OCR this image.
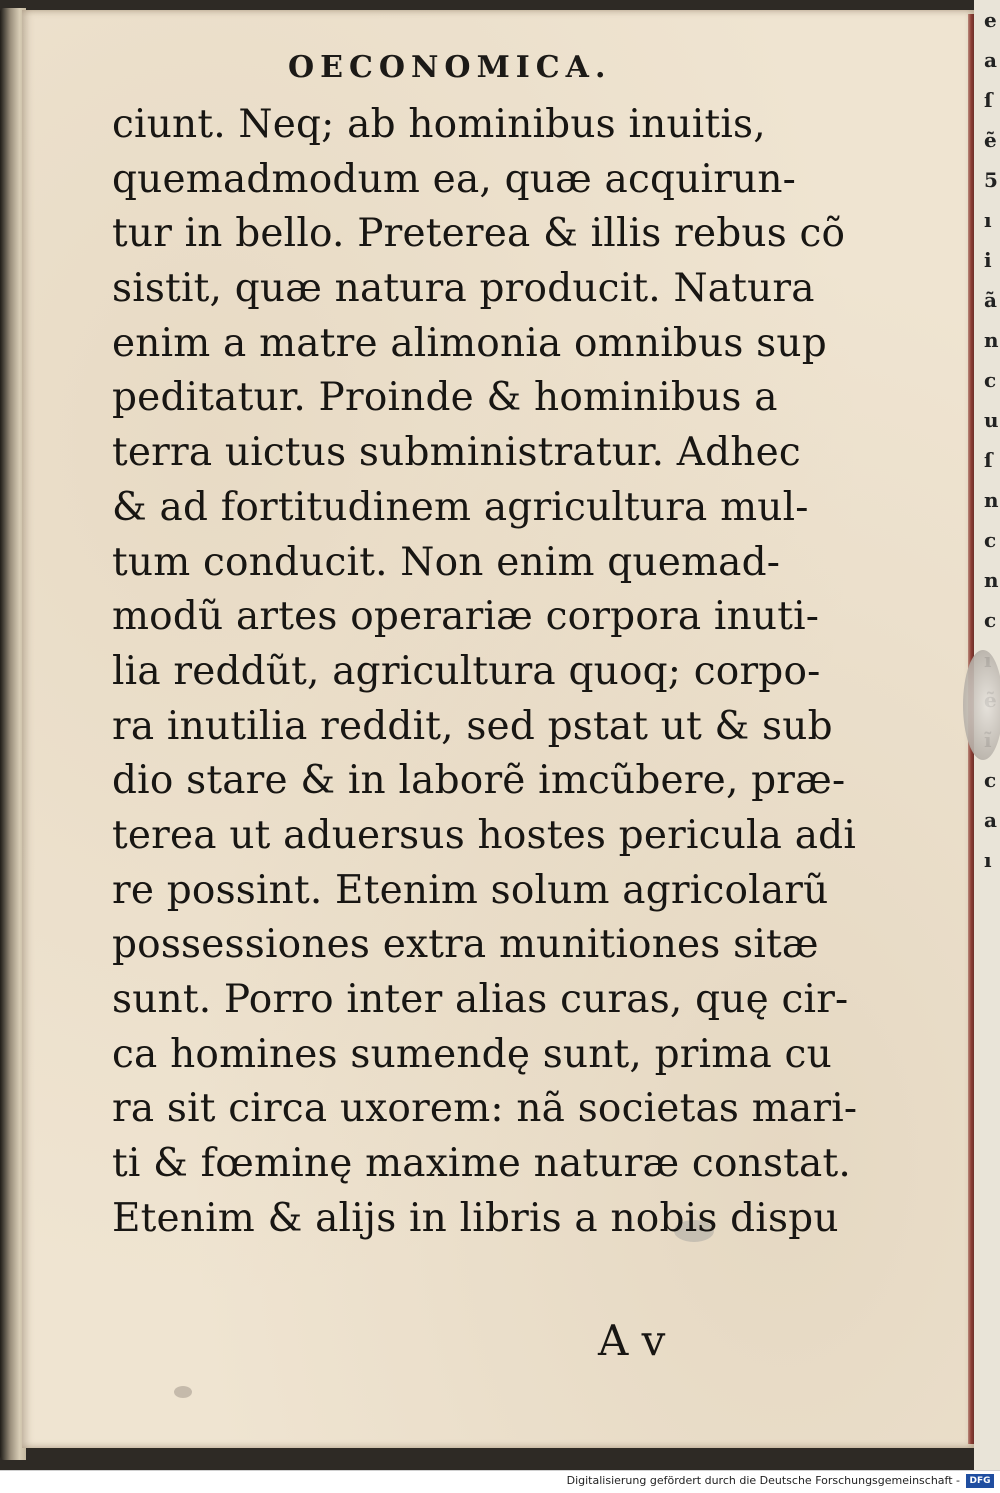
e
a
ſ
ẽ
5
ı
i
ã
n
c
u
ſ
n
c
n
c
c
a
ı
OECONOMICA.
ciunt. Neq; ab hominibus inuitis,
quemadmodum ea, quæ acquirun-
tur in bello. Preterea & illis rebus cõ
sistit, quæ natura producit. Natura
enim a matre alimonia omnibus sup
peditatur. Proinde & hominibus a
terra uictus subministratur. Adhec
& ad fortitudinem agricultura mul-
tum conducit. Non enim quemad-
modũ artes operariæ corpora inuti-
lia reddũt, agricultura quoq; corpo-
ra inutilia reddit, sed pstat ut & sub
dio stare & in laborẽ imcũbere, præ-
terea ut aduersus hostes pericula adi
re possint. Etenim solum agricolarũ
possessiones extra munitiones sitæ
sunt. Porro inter alias curas, quę cir-
ca homines sumendę sunt, prima cu
ra sit circa uxorem: nã societas mari-
ti & fœminę maxime naturæ constat.
Etenim & alijs in libris a nobis dispu
A v
Digitalisierung gefördert durch die Deutsche Forschungsgemeinschaft -	DFG
